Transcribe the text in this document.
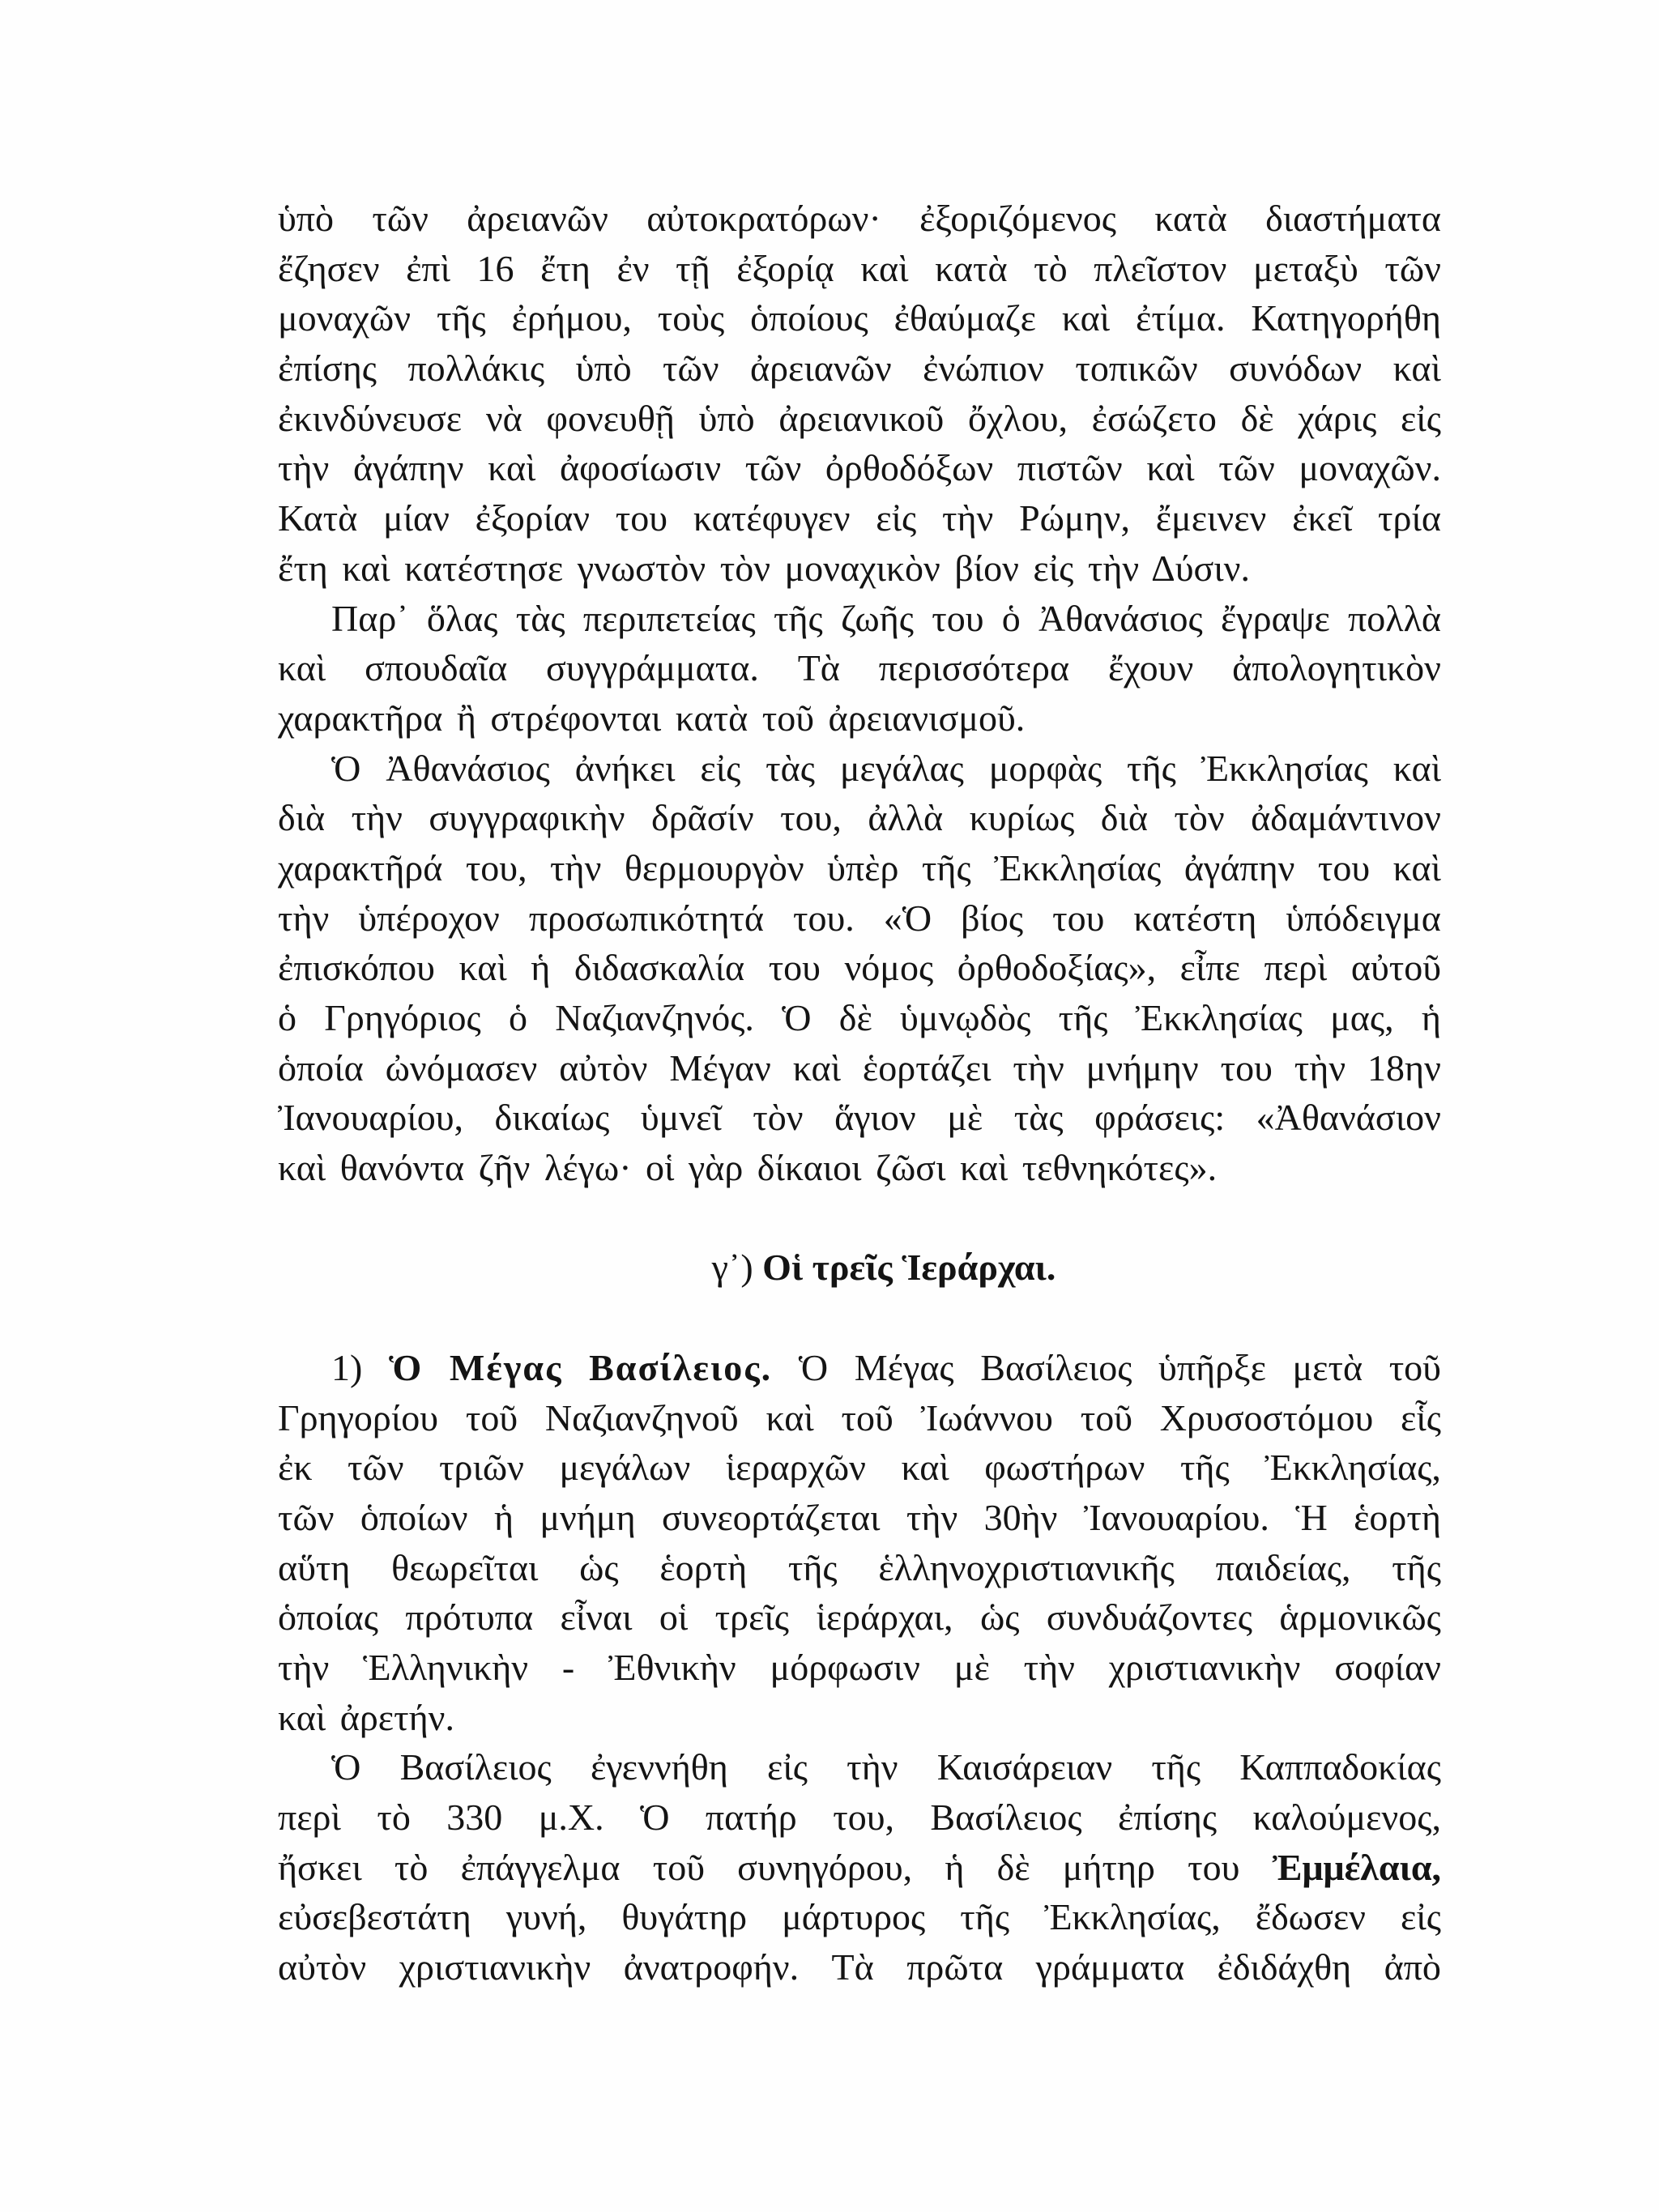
ὑπὸ τῶν ἀρειανῶν αὐτοκρατόρων· ἐξοριζόμενος κατὰ διαστήματα
ἔζησεν ἐπὶ 16 ἔτη ἐν τῇ ἐξορίᾳ καὶ κατὰ τὸ πλεῖστον μεταξὺ τῶν
μοναχῶν τῆς ἐρήμου, τοὺς ὁποίους ἐθαύμαζε καὶ ἐτίμα. Κατηγορήθη
ἐπίσης πολλάκις ὑπὸ τῶν ἀρειανῶν ἐνώπιον τοπικῶν συνόδων καὶ
ἐκινδύνευσε νὰ φονευθῇ ὑπὸ ἀρειανικοῦ ὄχλου, ἐσώζετο δὲ χάρις εἰς
τὴν ἀγάπην καὶ ἀφοσίωσιν τῶν ὀρθοδόξων πιστῶν καὶ τῶν μοναχῶν.
Κατὰ μίαν ἐξορίαν του κατέφυγεν εἰς τὴν Ρώμην, ἔμεινεν ἐκεῖ τρία
ἔτη καὶ κατέστησε γνωστὸν τὸν μοναχικὸν βίον εἰς τὴν Δύσιν.
Παρ᾽ ὅλας τὰς περιπετείας τῆς ζωῆς του ὁ Ἀθανάσιος ἔγραψε πολλὰ
καὶ σπουδαῖα συγγράμματα. Τὰ περισσότερα ἔχουν ἀπολογητικὸν
χαρακτῆρα ἢ στρέφονται κατὰ τοῦ ἀρειανισμοῦ.
Ὁ Ἀθανάσιος ἀνήκει εἰς τὰς μεγάλας μορφὰς τῆς Ἐκκλησίας καὶ
διὰ τὴν συγγραφικὴν δρᾶσίν του, ἀλλὰ κυρίως διὰ τὸν ἀδαμάντινον
χαρακτῆρά του, τὴν θερμουργὸν ὑπὲρ τῆς Ἐκκλησίας ἀγάπην του καὶ
τὴν ὑπέροχον προσωπικότητά του. «Ὁ βίος του κατέστη ὑπόδειγμα
ἐπισκόπου καὶ ἡ διδασκαλία του νόμος ὀρθοδοξίας», εἶπε περὶ αὐτοῦ
ὁ Γρηγόριος ὁ Ναζιανζηνός. Ὁ δὲ ὑμνῳδὸς τῆς Ἐκκλησίας μας, ἡ
ὁποία ὠνόμασεν αὐτὸν Μέγαν καὶ ἑορτάζει τὴν μνήμην του τὴν 18ην
Ἰανουαρίου, δικαίως ὑμνεῖ τὸν ἅγιον μὲ τὰς φράσεις: «Ἀθανάσιον
καὶ θανόντα ζῆν λέγω· οἱ γὰρ δίκαιοι ζῶσι καὶ τεθνηκότες».
γ᾽) Οἱ τρεῖς Ἱεράρχαι.
1) Ὁ Μέγας Βασίλειος. Ὁ Μέγας Βασίλειος ὑπῆρξε μετὰ τοῦ
Γρηγορίου τοῦ Ναζιανζηνοῦ καὶ τοῦ Ἰωάννου τοῦ Χρυσοστόμου εἷς
ἐκ τῶν τριῶν μεγάλων ἱεραρχῶν καὶ φωστήρων τῆς Ἐκκλησίας,
τῶν ὁποίων ἡ μνήμη συνεορτάζεται τὴν 30ὴν Ἰανουαρίου. Ἡ ἑορτὴ
αὕτη θεωρεῖται ὡς ἑορτὴ τῆς ἑλληνοχριστιανικῆς παιδείας, τῆς
ὁποίας πρότυπα εἶναι οἱ τρεῖς ἱεράρχαι, ὡς συνδυάζοντες ἁρμονικῶς
τὴν Ἑλληνικὴν - Ἐθνικὴν μόρφωσιν μὲ τὴν χριστιανικὴν σοφίαν
καὶ ἀρετήν.
Ὁ Βασίλειος ἐγεννήθη εἰς τὴν Καισάρειαν τῆς Καππαδοκίας
περὶ τὸ 330 μ.Χ. Ὁ πατήρ του, Βασίλειος ἐπίσης καλούμενος,
ἤσκει τὸ ἐπάγγελμα τοῦ συνηγόρου, ἡ δὲ μήτηρ του Ἐμμέλαια,
εὐσεβεστάτη γυνή, θυγάτηρ μάρτυρος τῆς Ἐκκλησίας, ἔδωσεν εἰς
αὐτὸν χριστιανικὴν ἀνατροφήν. Τὰ πρῶτα γράμματα ἐδιδάχθη ἀπὸ
